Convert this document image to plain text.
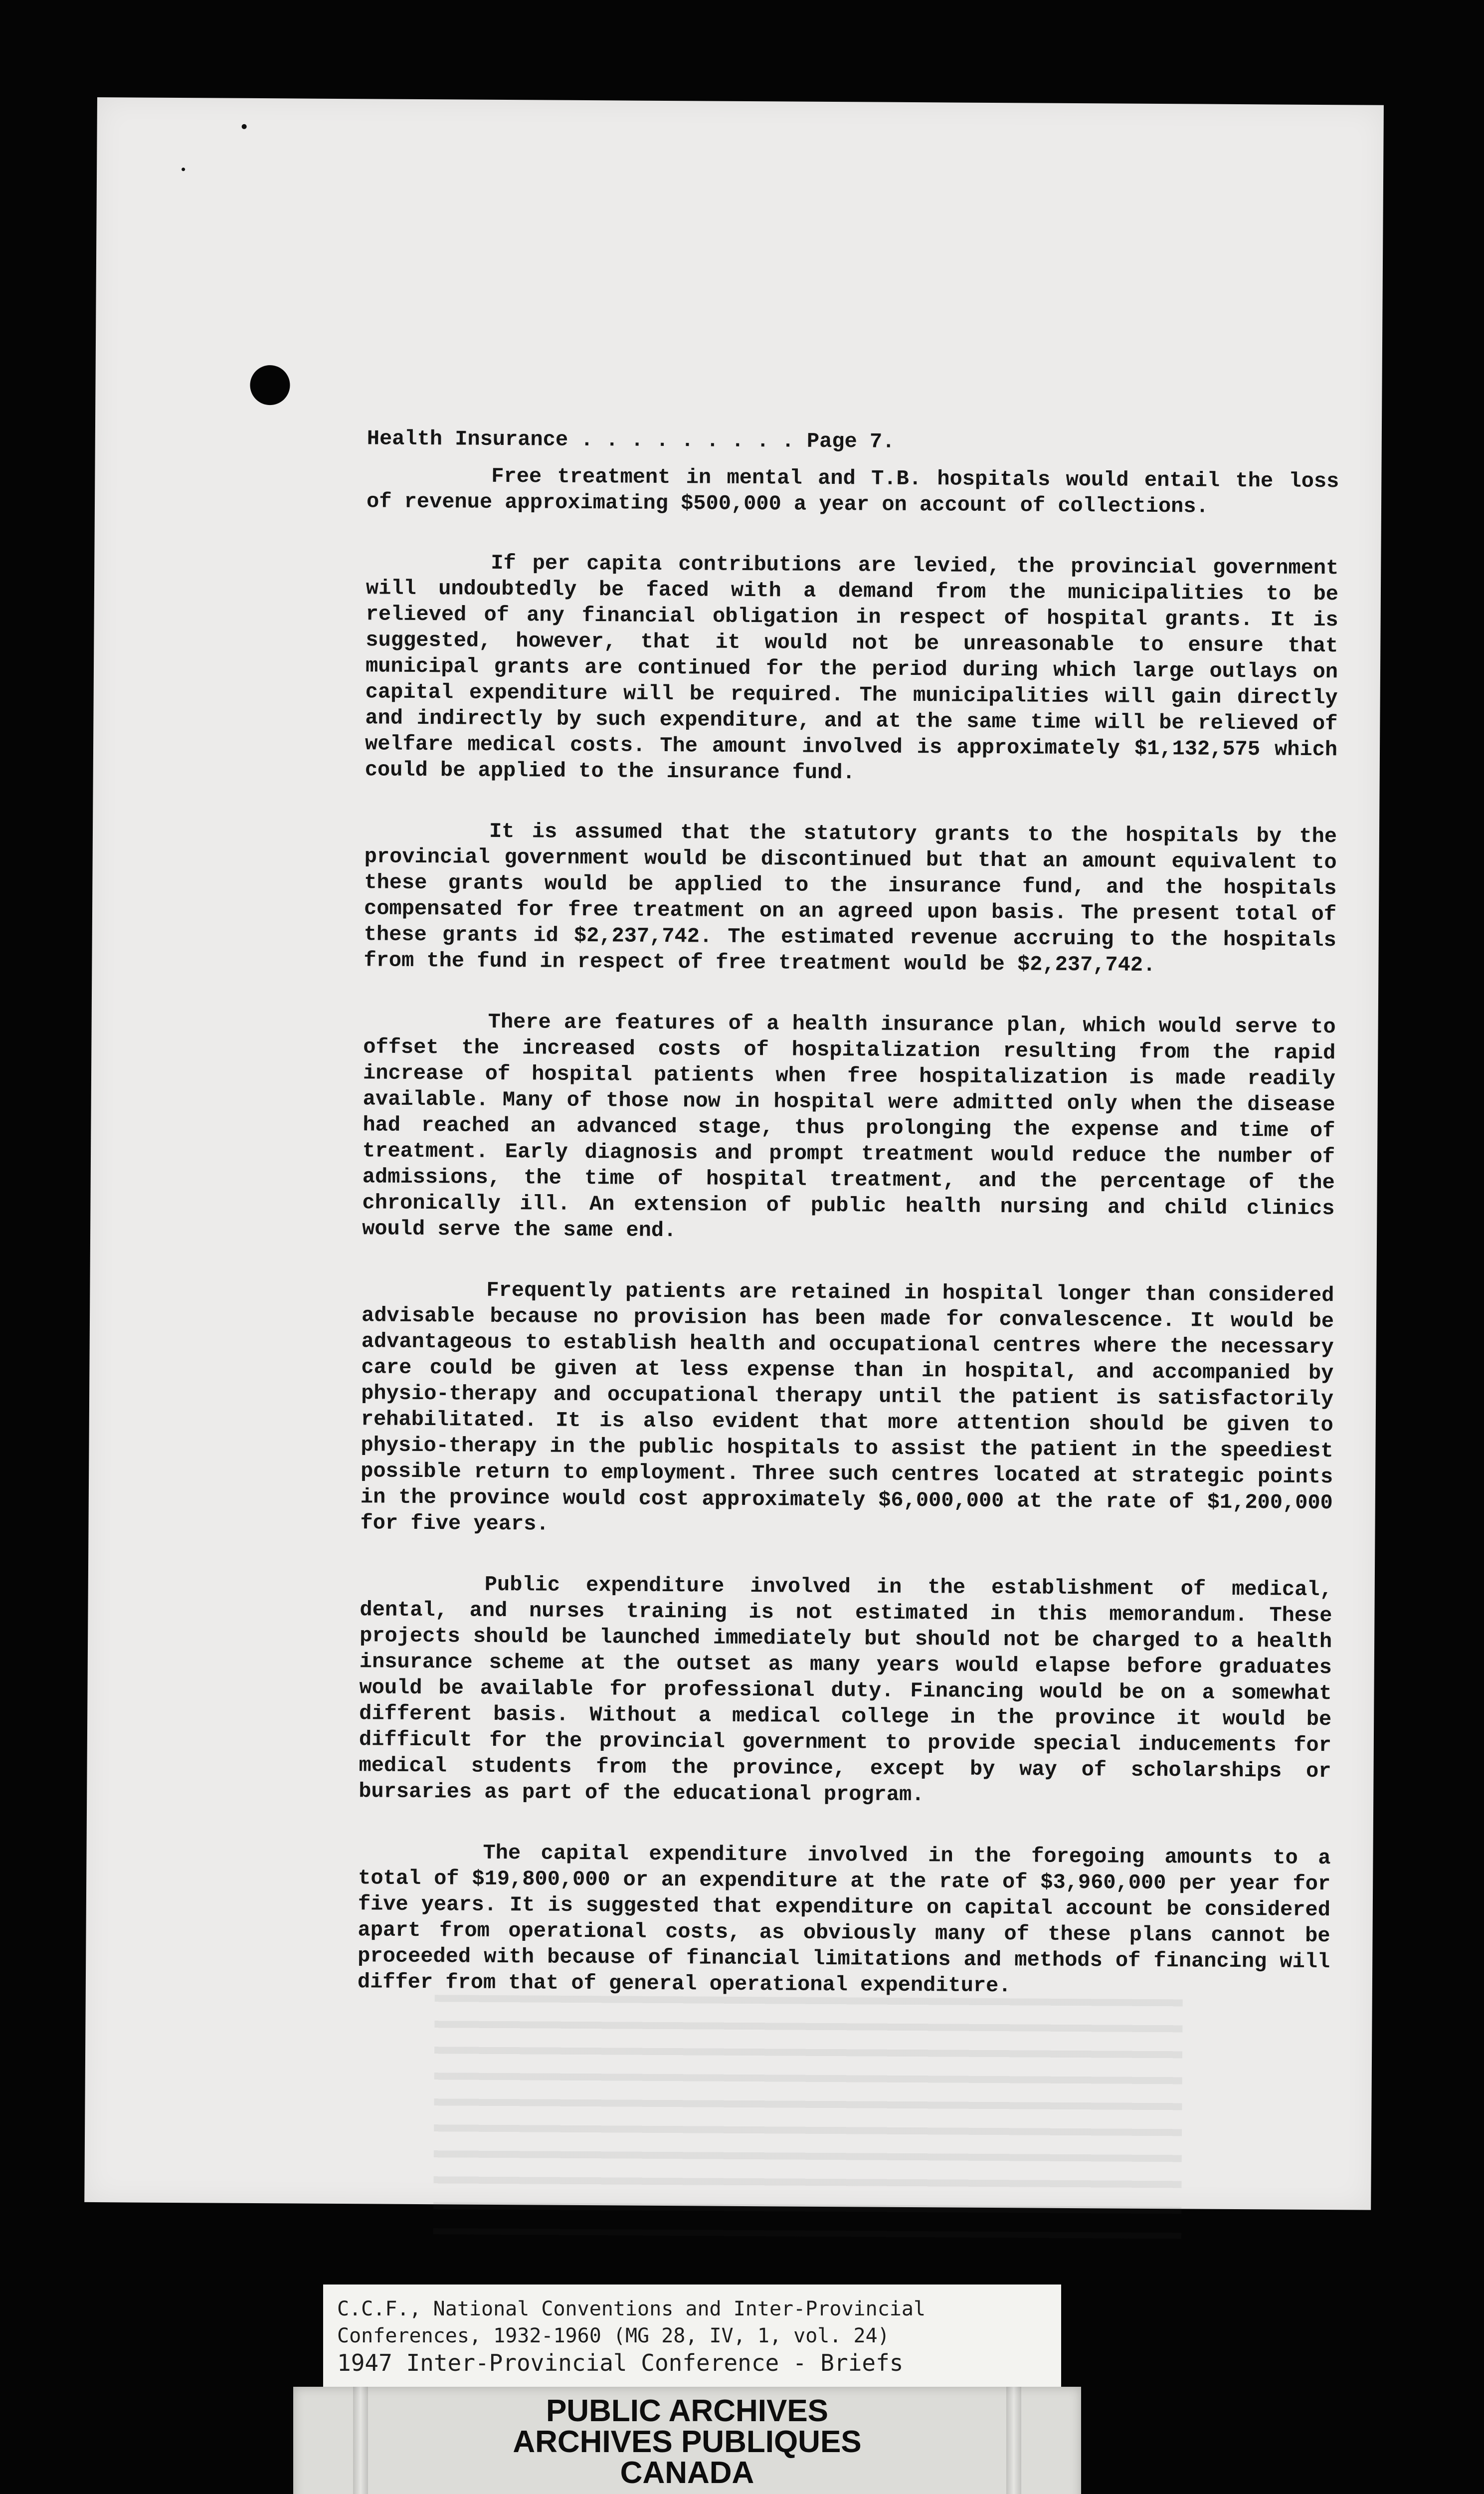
Health Insurance . . . . . . . . . Page 7.

Free treatment in mental and T.B. hospitals would entail the loss of revenue approximating $500,000 a year on account of collections.

If per capita contributions are levied, the provincial government will undoubtedly be faced with a demand from the municipalities to be relieved of any financial obligation in respect of hospital grants. It is suggested, however, that it would not be unreasonable to ensure that municipal grants are continued for the period during which large outlays on capital expenditure will be required. The municipalities will gain directly and indirectly by such expenditure, and at the same time will be relieved of welfare medical costs. The amount involved is approximately $1,132,575 which could be applied to the insurance fund.

It is assumed that the statutory grants to the hospitals by the provincial government would be discontinued but that an amount equivalent to these grants would be applied to the insurance fund, and the hospitals compensated for free treatment on an agreed upon basis. The present total of these grants id $2,237,742. The estimated revenue accruing to the hospitals from the fund in respect of free treatment would be $2,237,742.

There are features of a health insurance plan, which would serve to offset the increased costs of hospitalization resulting from the rapid increase of hospital patients when free hospitalization is made readily available. Many of those now in hospital were admitted only when the disease had reached an advanced stage, thus prolonging the expense and time of treatment. Early diagnosis and prompt treatment would reduce the number of admissions, the time of hospital treatment, and the percentage of the chronically ill. An extension of public health nursing and child clinics would serve the same end.

Frequently patients are retained in hospital longer than considered advisable because no provision has been made for convalescence. It would be advantageous to establish health and occupational centres where the necessary care could be given at less expense than in hospital, and accompanied by physio-therapy and occupational therapy until the patient is satisfactorily rehabilitated. It is also evident that more attention should be given to physio-therapy in the public hospitals to assist the patient in the speediest possible return to employment. Three such centres located at strategic points in the province would cost approximately $6,000,000 at the rate of $1,200,000 for five years.

Public expenditure involved in the establishment of medical, dental, and nurses training is not estimated in this memorandum. These projects should be launched immediately but should not be charged to a health insurance scheme at the outset as many years would elapse before graduates would be available for professional duty. Financing would be on a somewhat different basis. Without a medical college in the province it would be difficult for the provincial government to provide special inducements for medical students from the province, except by way of scholarships or bursaries as part of the educational program.

The capital expenditure involved in the foregoing amounts to a total of $19,800,000 or an expenditure at the rate of $3,960,000 per year for five years. It is suggested that expenditure on capital account be considered apart from operational costs, as obviously many of these plans cannot be proceeded with because of financial limitations and methods of financing will differ from that of general operational expenditure.

C.C.F., National Conventions and Inter-Provincial
Conferences, 1932-1960 (MG 28, IV, 1, vol. 24)
1947 Inter-Provincial Conference - Briefs
PUBLIC ARCHIVES
ARCHIVES PUBLIQUES
CANADA
